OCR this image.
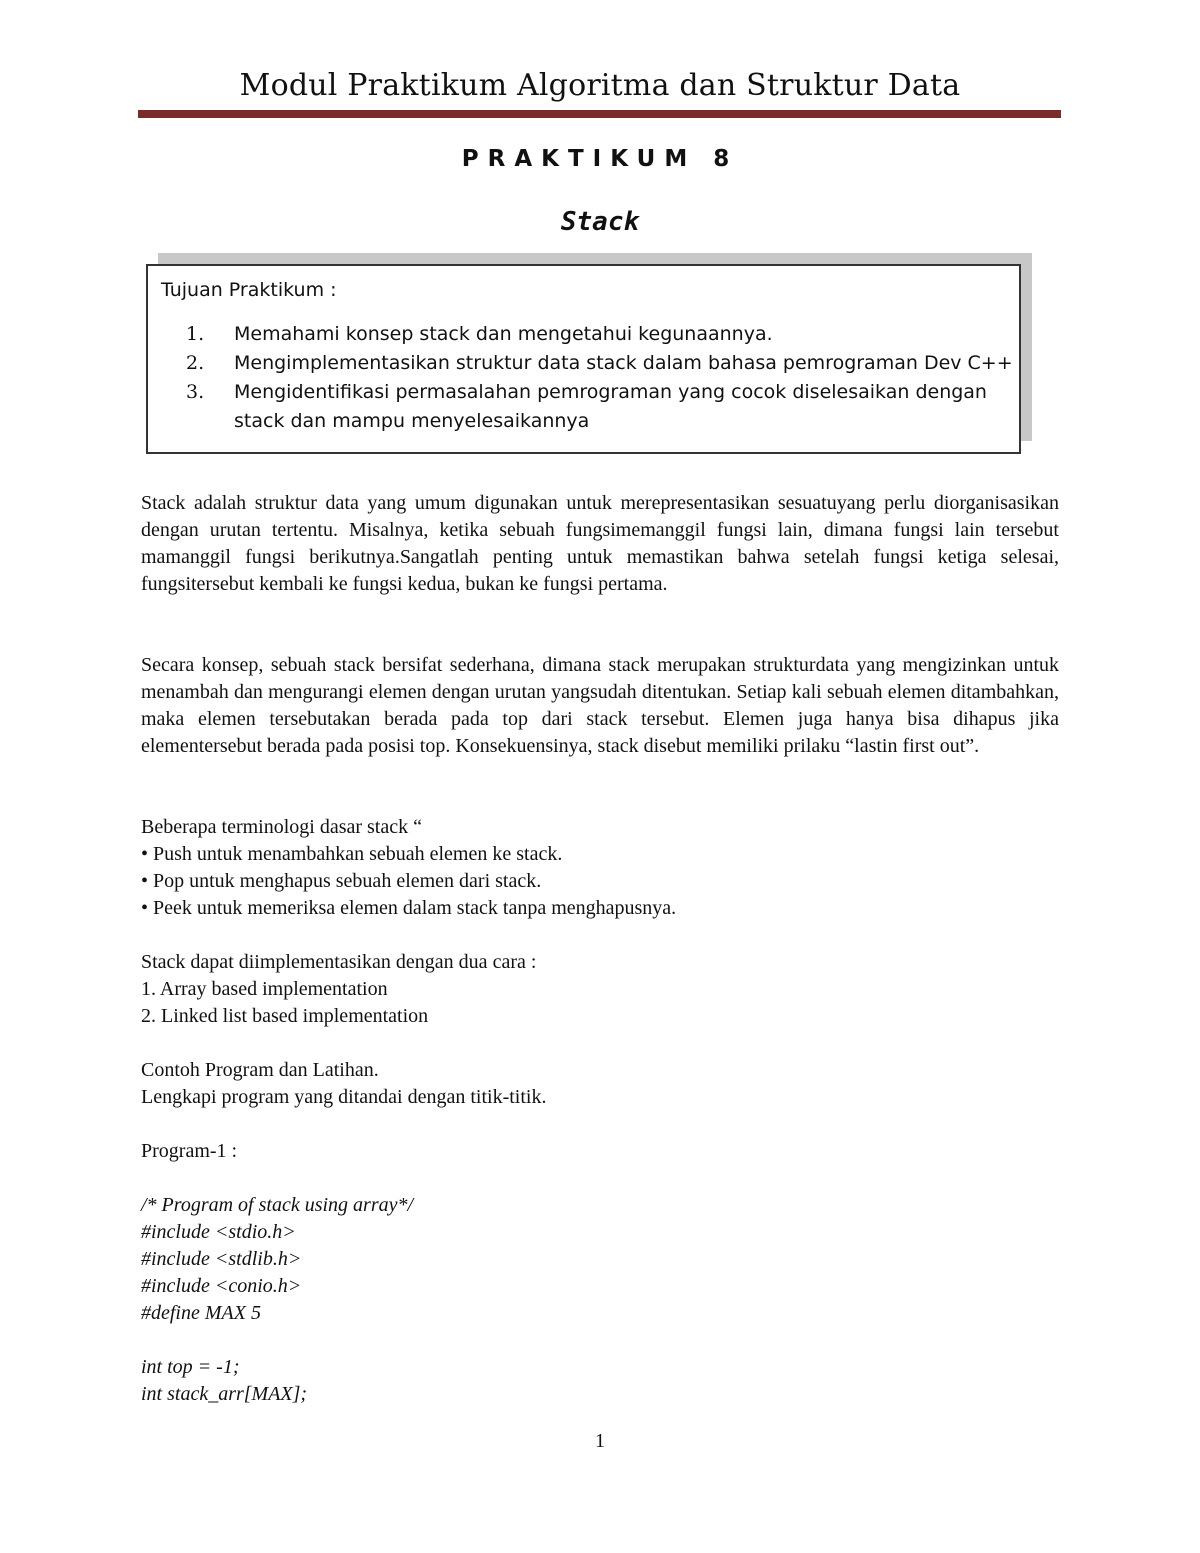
Modul Praktikum Algoritma dan Struktur Data
PRAKTIKUM 8
Stack
Tujuan Praktikum :
1.	Memahami konsep stack dan mengetahui kegunaannya.
2.	Mengimplementasikan struktur data stack dalam bahasa pemrograman Dev C++
3.	Mengidentifikasi permasalahan pemrograman yang cocok diselesaikan dengan stack dan mampu menyelesaikannya
Stack adalah struktur data yang umum digunakan untuk merepresentasikan sesuatuyang perlu diorganisasikan dengan urutan tertentu. Misalnya, ketika sebuah fungsimemanggil fungsi lain, dimana fungsi lain tersebut mamanggil fungsi berikutnya.Sangatlah penting untuk memastikan bahwa setelah fungsi ketiga selesai, fungsitersebut kembali ke fungsi kedua, bukan ke fungsi pertama.
Secara konsep, sebuah stack bersifat sederhana, dimana stack merupakan strukturdata yang mengizinkan untuk menambah dan mengurangi elemen dengan urutan yangsudah ditentukan. Setiap kali sebuah elemen ditambahkan, maka elemen tersebutakan berada pada top dari stack tersebut. Elemen juga hanya bisa dihapus jika elementersebut berada pada posisi top. Konsekuensinya, stack disebut memiliki prilaku “lastin first out”.
Beberapa terminologi dasar stack “
• Push untuk menambahkan sebuah elemen ke stack.
• Pop untuk menghapus sebuah elemen dari stack.
• Peek untuk memeriksa elemen dalam stack tanpa menghapusnya.
Stack dapat diimplementasikan dengan dua cara :
1. Array based implementation
2. Linked list based implementation
Contoh Program dan Latihan.
Lengkapi program yang ditandai dengan titik-titik.
Program-1 :
/* Program of stack using array*/
#include <stdio.h>
#include <stdlib.h>
#include <conio.h>
#define MAX 5

int top = -1;
int stack_arr[MAX];
1
